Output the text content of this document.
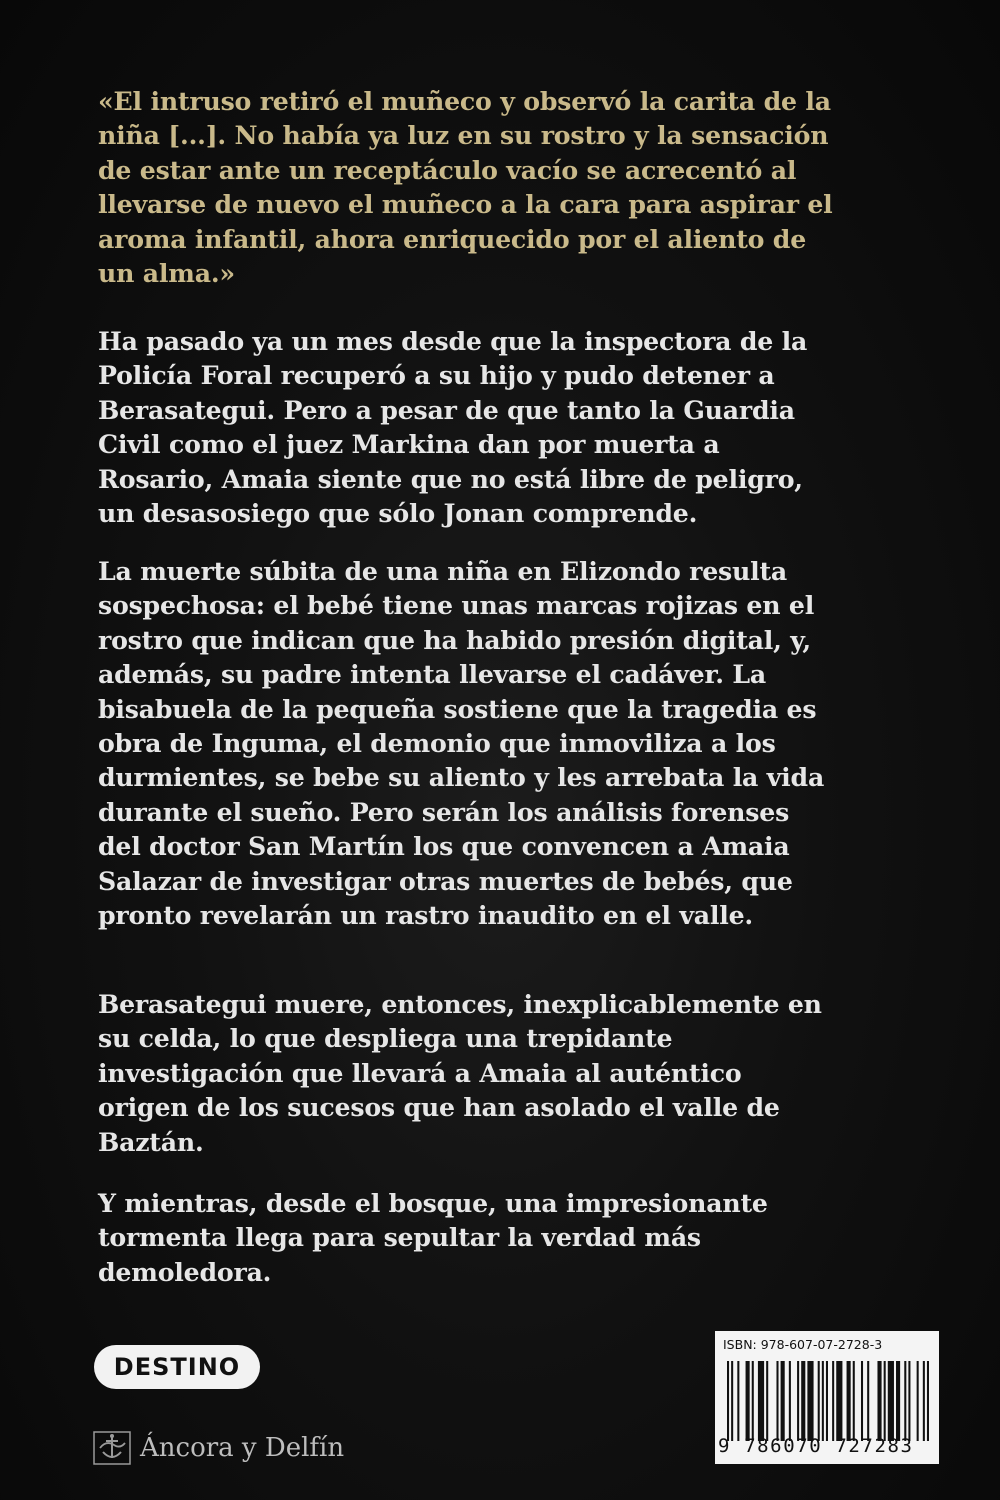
«El intruso retiró el muñeco y observó la carita de la niña [...]. No había ya luz en su rostro y la sensación de estar ante un receptáculo vacío se acrecentó al llevarse de nuevo el muñeco a la cara para aspirar el aroma infantil, ahora enriquecido por el aliento de un alma.»

Ha pasado ya un mes desde que la inspectora de la Policía Foral recuperó a su hijo y pudo detener a Berasategui. Pero a pesar de que tanto la Guardia Civil como el juez Markina dan por muerta a Rosario, Amaia siente que no está libre de peligro, un desasosiego que sólo Jonan comprende.

La muerte súbita de una niña en Elizondo resulta sospechosa: el bebé tiene unas marcas rojizas en el rostro que indican que ha habido presión digital, y, además, su padre intenta llevarse el cadáver. La bisabuela de la pequeña sostiene que la tragedia es obra de Inguma, el demonio que inmoviliza a los durmientes, se bebe su aliento y les arrebata la vida durante el sueño. Pero serán los análisis forenses del doctor San Martín los que convencen a Amaia Salazar de investigar otras muertes de bebés, que pronto revelarán un rastro inaudito en el valle.

Berasategui muere, entonces, inexplicablemente en su celda, lo que despliega una trepidante investigación que llevará a Amaia al auténtico origen de los sucesos que han asolado el valle de Baztán.

Y mientras, desde el bosque, una impresionante tormenta llega para sepultar la verdad más demoledora.

DESTINO
Áncora y Delfín
ISBN: 978-607-07-2728-3
9 786070 727283
